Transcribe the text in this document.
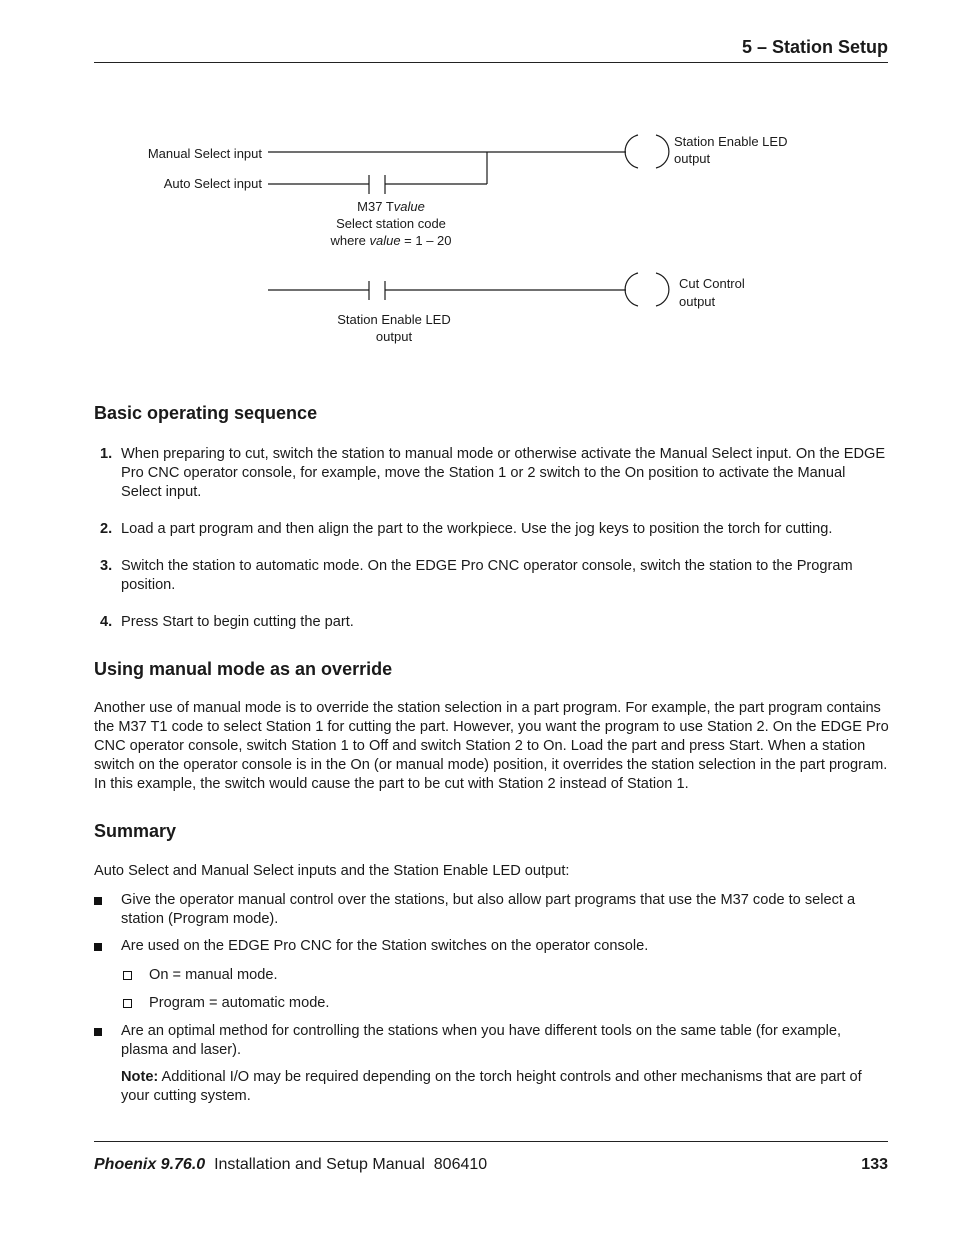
5 – Station Setup
Manual Select input
Auto Select input
M37 Tvalue
Select station code
where value = 1 – 20
Station Enable LED
output
Station Enable LED
output
Cut Control
output
Basic operating sequence
1. When preparing to cut, switch the station to manual mode or otherwise activate the Manual Select input. On the EDGE Pro CNC operator console, for example, move the Station 1 or 2 switch to the On position to activate the Manual Select input.
2. Load a part program and then align the part to the workpiece. Use the jog keys to position the torch for cutting.
3. Switch the station to automatic mode. On the EDGE Pro CNC operator console, switch the station to the Program position.
4. Press Start to begin cutting the part.
Using manual mode as an override

Another use of manual mode is to override the station selection in a part program. For example, the part program contains the M37 T1 code to select Station 1 for cutting the part. However, you want the program to use Station 2. On the EDGE Pro CNC operator console, switch Station 1 to Off and switch Station 2 to On. Load the part and press Start. When a station switch on the operator console is in the On (or manual mode) position, it overrides the station selection in the part program. In this example, the switch would cause the part to be cut with Station 2 instead of Station 1.

Summary

Auto Select and Manual Select inputs and the Station Enable LED output:

Give the operator manual control over the stations, but also allow part programs that use the M37 code to select a station (Program mode).
Are used on the EDGE Pro CNC for the Station switches on the operator console.
On = manual mode.
Program = automatic mode.
Are an optimal method for controlling the stations when you have different tools on the same table (for example, plasma and laser).
Note: Additional I/O may be required depending on the torch height controls and other mechanisms that are part of your cutting system.
Phoenix 9.76.0 Installation and Setup Manual 806410	133
